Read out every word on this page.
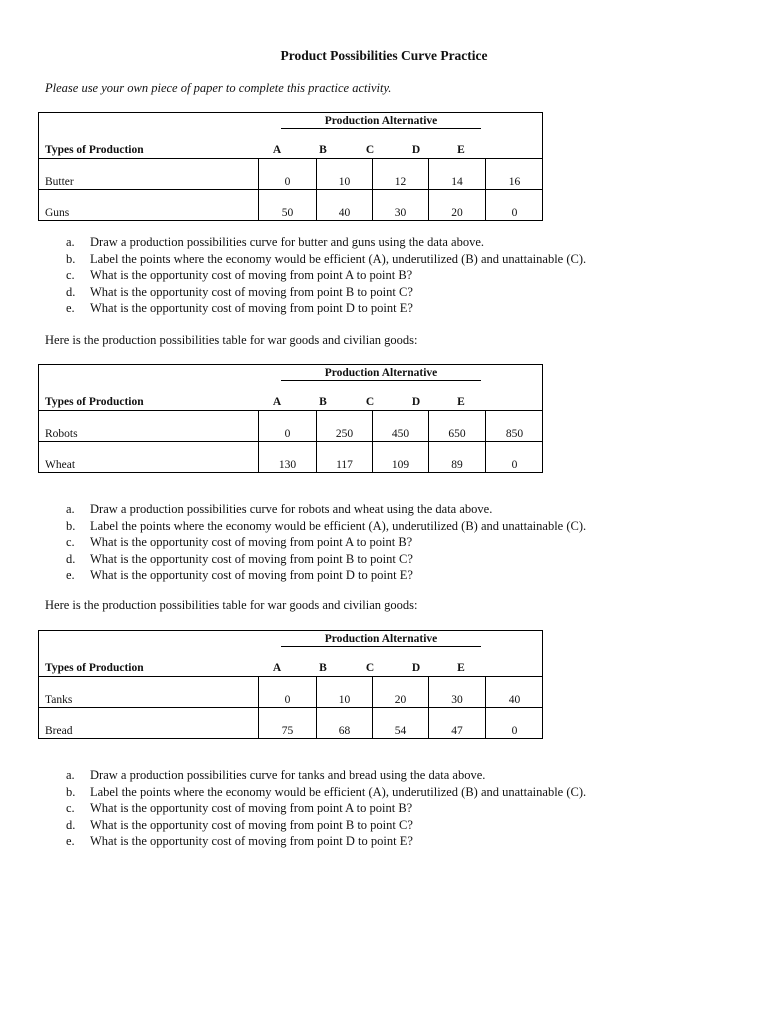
Product Possibilities Curve Practice
Please use your own piece of paper to complete this practice activity.
Production Alternative
Types of Production	A	B	C	D	E
Butter	0	10	12	14	16
Guns	50	40	30	20	0
a. Draw a production possibilities curve for butter and guns using the data above.
b. Label the points where the economy would be efficient (A), underutilized (B) and unattainable (C).
c. What is the opportunity cost of moving from point A to point B?
d. What is the opportunity cost of moving from point B to point C?
e. What is the opportunity cost of moving from point D to point E?
Here is the production possibilities table for war goods and civilian goods:
Production Alternative
Types of Production	A	B	C	D	E
Robots	0	250	450	650	850
Wheat	130	117	109	89	0
a. Draw a production possibilities curve for robots and wheat using the data above.
b. Label the points where the economy would be efficient (A), underutilized (B) and unattainable (C).
c. What is the opportunity cost of moving from point A to point B?
d. What is the opportunity cost of moving from point B to point C?
e. What is the opportunity cost of moving from point D to point E?
Here is the production possibilities table for war goods and civilian goods:
Production Alternative
Types of Production	A	B	C	D	E
Tanks	0	10	20	30	40
Bread	75	68	54	47	0
a. Draw a production possibilities curve for tanks and bread using the data above.
b. Label the points where the economy would be efficient (A), underutilized (B) and unattainable (C).
c. What is the opportunity cost of moving from point A to point B?
d. What is the opportunity cost of moving from point B to point C?
e. What is the opportunity cost of moving from point D to point E?
